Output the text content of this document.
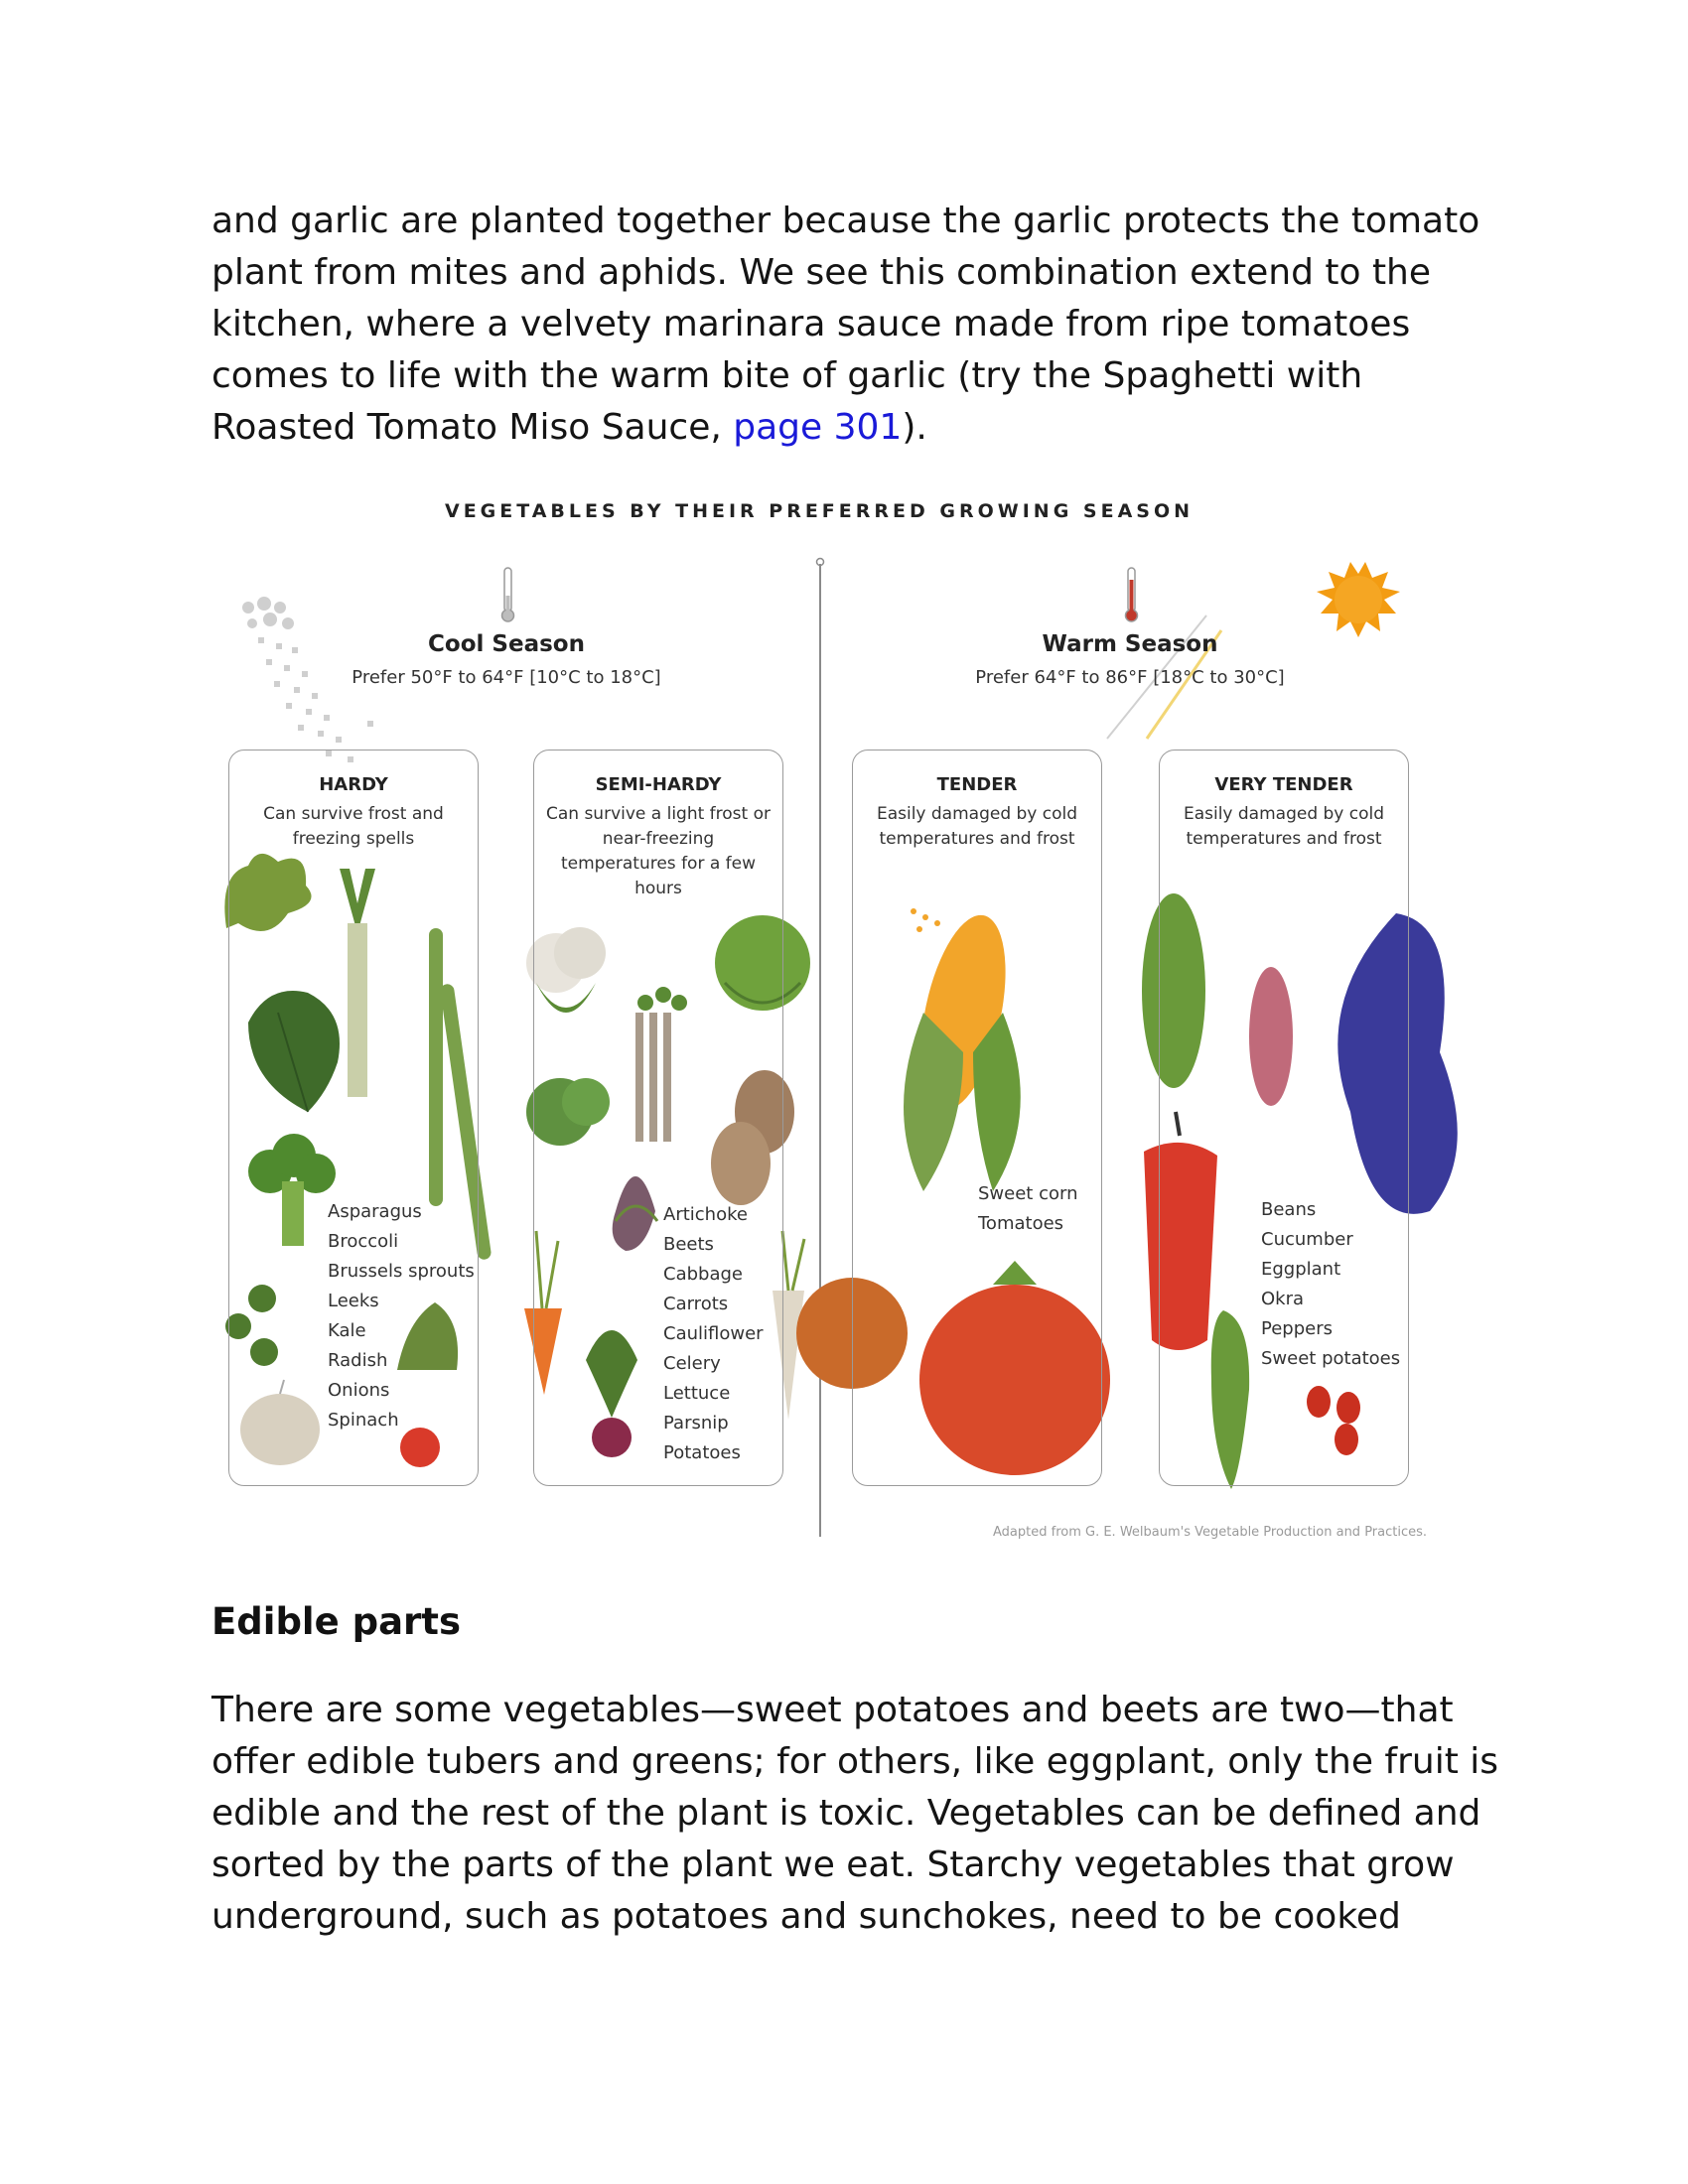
and garlic are planted together because the garlic protects the tomato plant from mites and aphids. We see this combination extend to the kitchen, where a velvety marinara sauce made from ripe tomatoes comes to life with the warm bite of garlic (try the Spaghetti with Roasted Tomato Miso Sauce, page 301).

VEGETABLES BY THEIR PREFERRED GROWING SEASON
Cool Season
Prefer 50°F to 64°F [10°C to 18°C]
Warm Season
Prefer 64°F to 86°F [18°C to 30°C]
HARDY
Can survive frost and freezing spells
Asparagus
Broccoli
Brussels sprouts
Leeks
Kale
Radish
Onions
Spinach
SEMI-HARDY
Can survive a light frost or near-freezing temperatures for a few hours
Artichoke
Beets
Cabbage
Carrots
Cauliflower
Celery
Lettuce
Parsnip
Potatoes
TENDER
Easily damaged by cold temperatures and frost
Sweet corn
Tomatoes
VERY TENDER
Easily damaged by cold temperatures and frost
Beans
Cucumber
Eggplant
Okra
Peppers
Sweet potatoes
Adapted from G. E. Welbaum's Vegetable Production and Practices.
Edible parts

There are some vegetables—sweet potatoes and beets are two—that offer edible tubers and greens; for others, like eggplant, only the fruit is edible and the rest of the plant is toxic. Vegetables can be defined and sorted by the parts of the plant we eat. Starchy vegetables that grow underground, such as potatoes and sunchokes, need to be cooked
